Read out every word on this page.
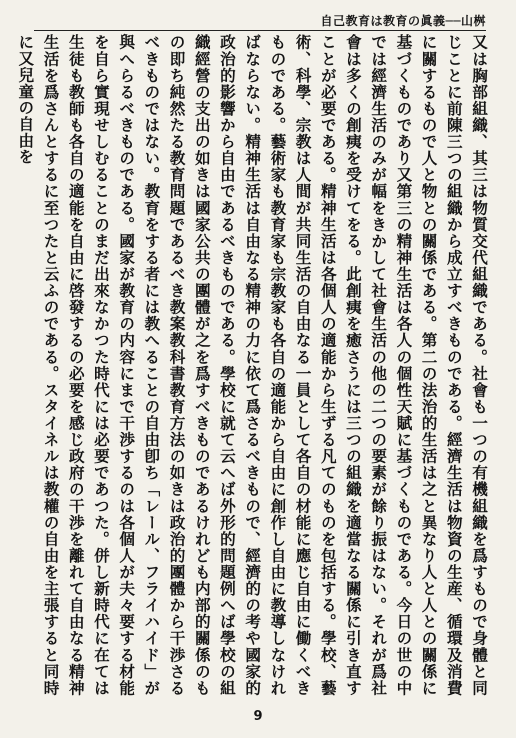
自己教育は教育の眞義──山桝

又は胸部組織、其三は物質交代組織である。社會も一つの有機組織を爲すもので身體と同じことに前陳三つの組織から成立すべきものである。經濟生活は物資の生産、循環及消費に關するもので人と物との關係である。第二の法治的生活は之と異なり人と人との關係に基づくものであり又第三の精神生活は各人の個性天賦に基づくものである。今日の世の中では經濟生活のみが幅をきかして社會生活の他の二つの要素が餘り振はない。それが爲社會は多くの創痍を受けてをる。此創痍を癒さうには三つの組織を適當なる關係に引き直すことが必要である。精神生活は各個人の適能から生ずる凡てのものを包括する。學校、藝術、科學、宗教は人間が共同生活の自由なる一員として各自の材能に應じ自由に働くべきものである。藝術家も教育家も宗教家も各自の適能から自由に創作し自由に教導しなければならない。精神生活は自由なる精神の力に依て爲さるべきもので、經濟的の考や國家的政治的影響から自由であるべきものである。學校に就て云へば外形的問題例へば學校の組織經營の支出の如きは國家公共の團體が之を爲すべきものであるけれども内部的關係のもの即ち純然たる教育問題であるべき教案教科書教育方法の如きは政治的團體から干渉さるべきものではない。教育をする者には教へることの自由卽ち「レール、フライハイド」が與へらるべきものである。國家が教育の内容にまで干渉するのは各個人が夫々要する材能を自ら實現せしむることのまだ出來なかつた時代には必要であつた。併し新時代に在ては生徒も教師も各自の適能を自由に啓發するの必要を感じ政府の干渉を離れて自由なる精神生活を爲さんとするに至つたと云ふのである。スタイネルは教權の自由を主張すると同時に又兒童の自由を

9
